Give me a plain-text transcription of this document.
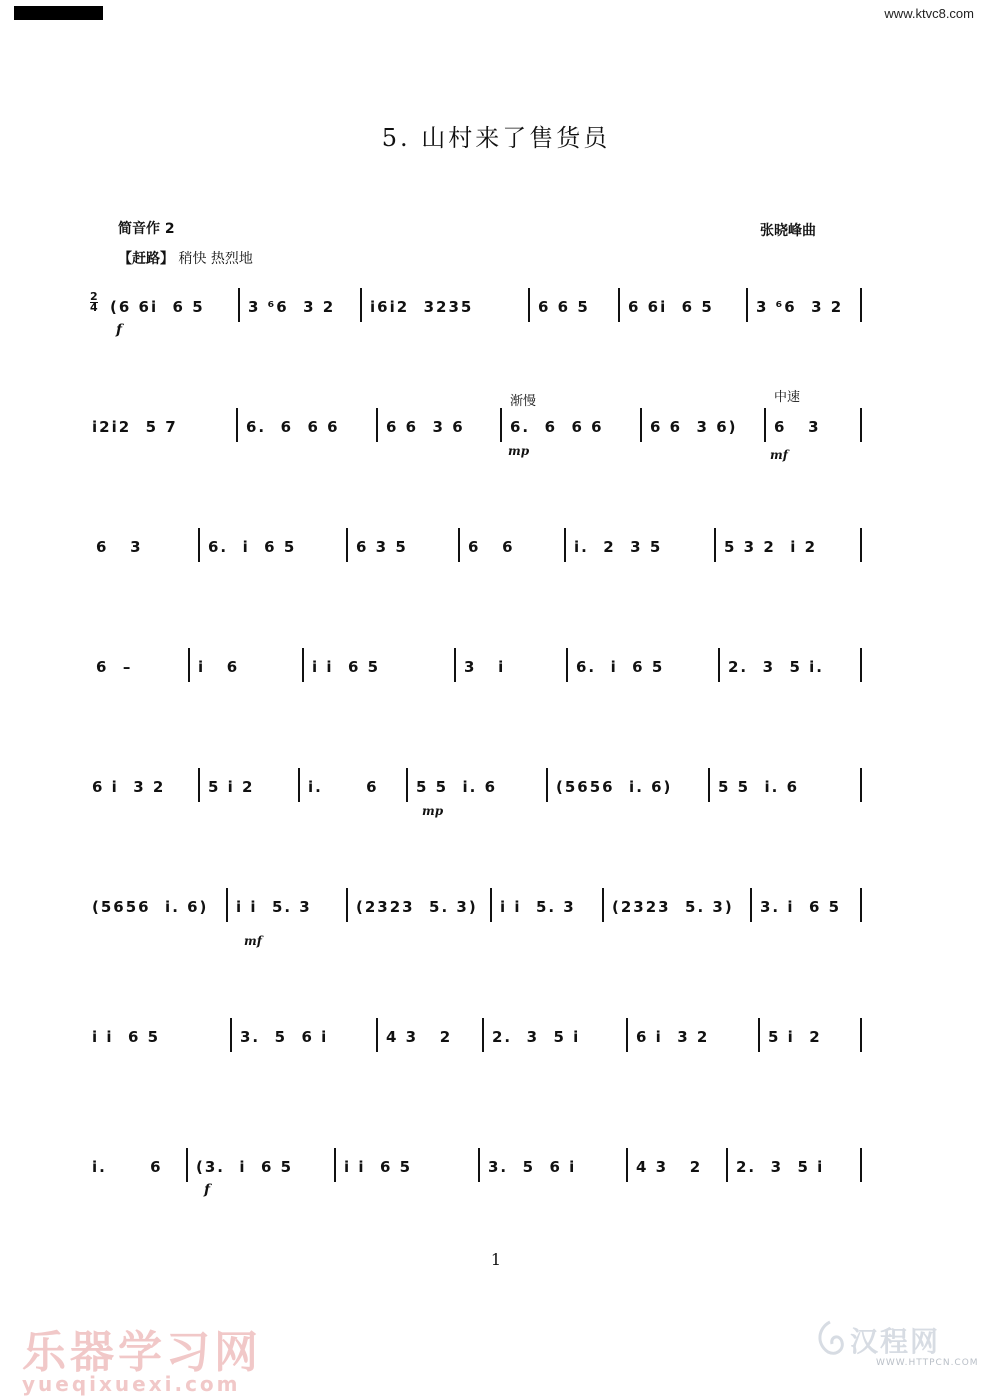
www.ktvc8.com
5. 山村来了售货员
简音作 2	张晓峰曲
【赶路】 稍快 热烈地
2
4
渐慢	中速
f
mp	mf
mp
mf
f
(6 6i  6 5	3 ⁶6  3 2 i6i2  3235	6 6 5	6 6i  6 5	3 ⁶6  3 2
i2i2  5 7	6.  6  6 6	6 6  3 6	6.  6  6 6	6 6  3 6) 6   3
6   3	6.  i  6 5	6 3 5	6   6	i.  2  3 5	5 3 2  i 2
6  –	i   6	i i  6 5	3   i	6.  i  6 5	2.  3  5 i.
6 i  3 2	5 i 2	i.      6 5 5  i. 6	(5656  i. 6)	5 5  i. 6
(5656  i. 6) i i  5. 3	(2323  5. 3) i i  5. 3 (2323  5. 3) 3. i  6 5
i i  6 5	3.  5  6 i	4 3   2	2.  3  5 i	6 i  3 2	5 i  2
i.      6 (3.  i  6 5	i i  6 5	3.  5  6 i	4 3   2 2.  3  5 i
1
乐器学习网
yueqixuexi.com
汉程网
WWW.HTTPCN.COM
